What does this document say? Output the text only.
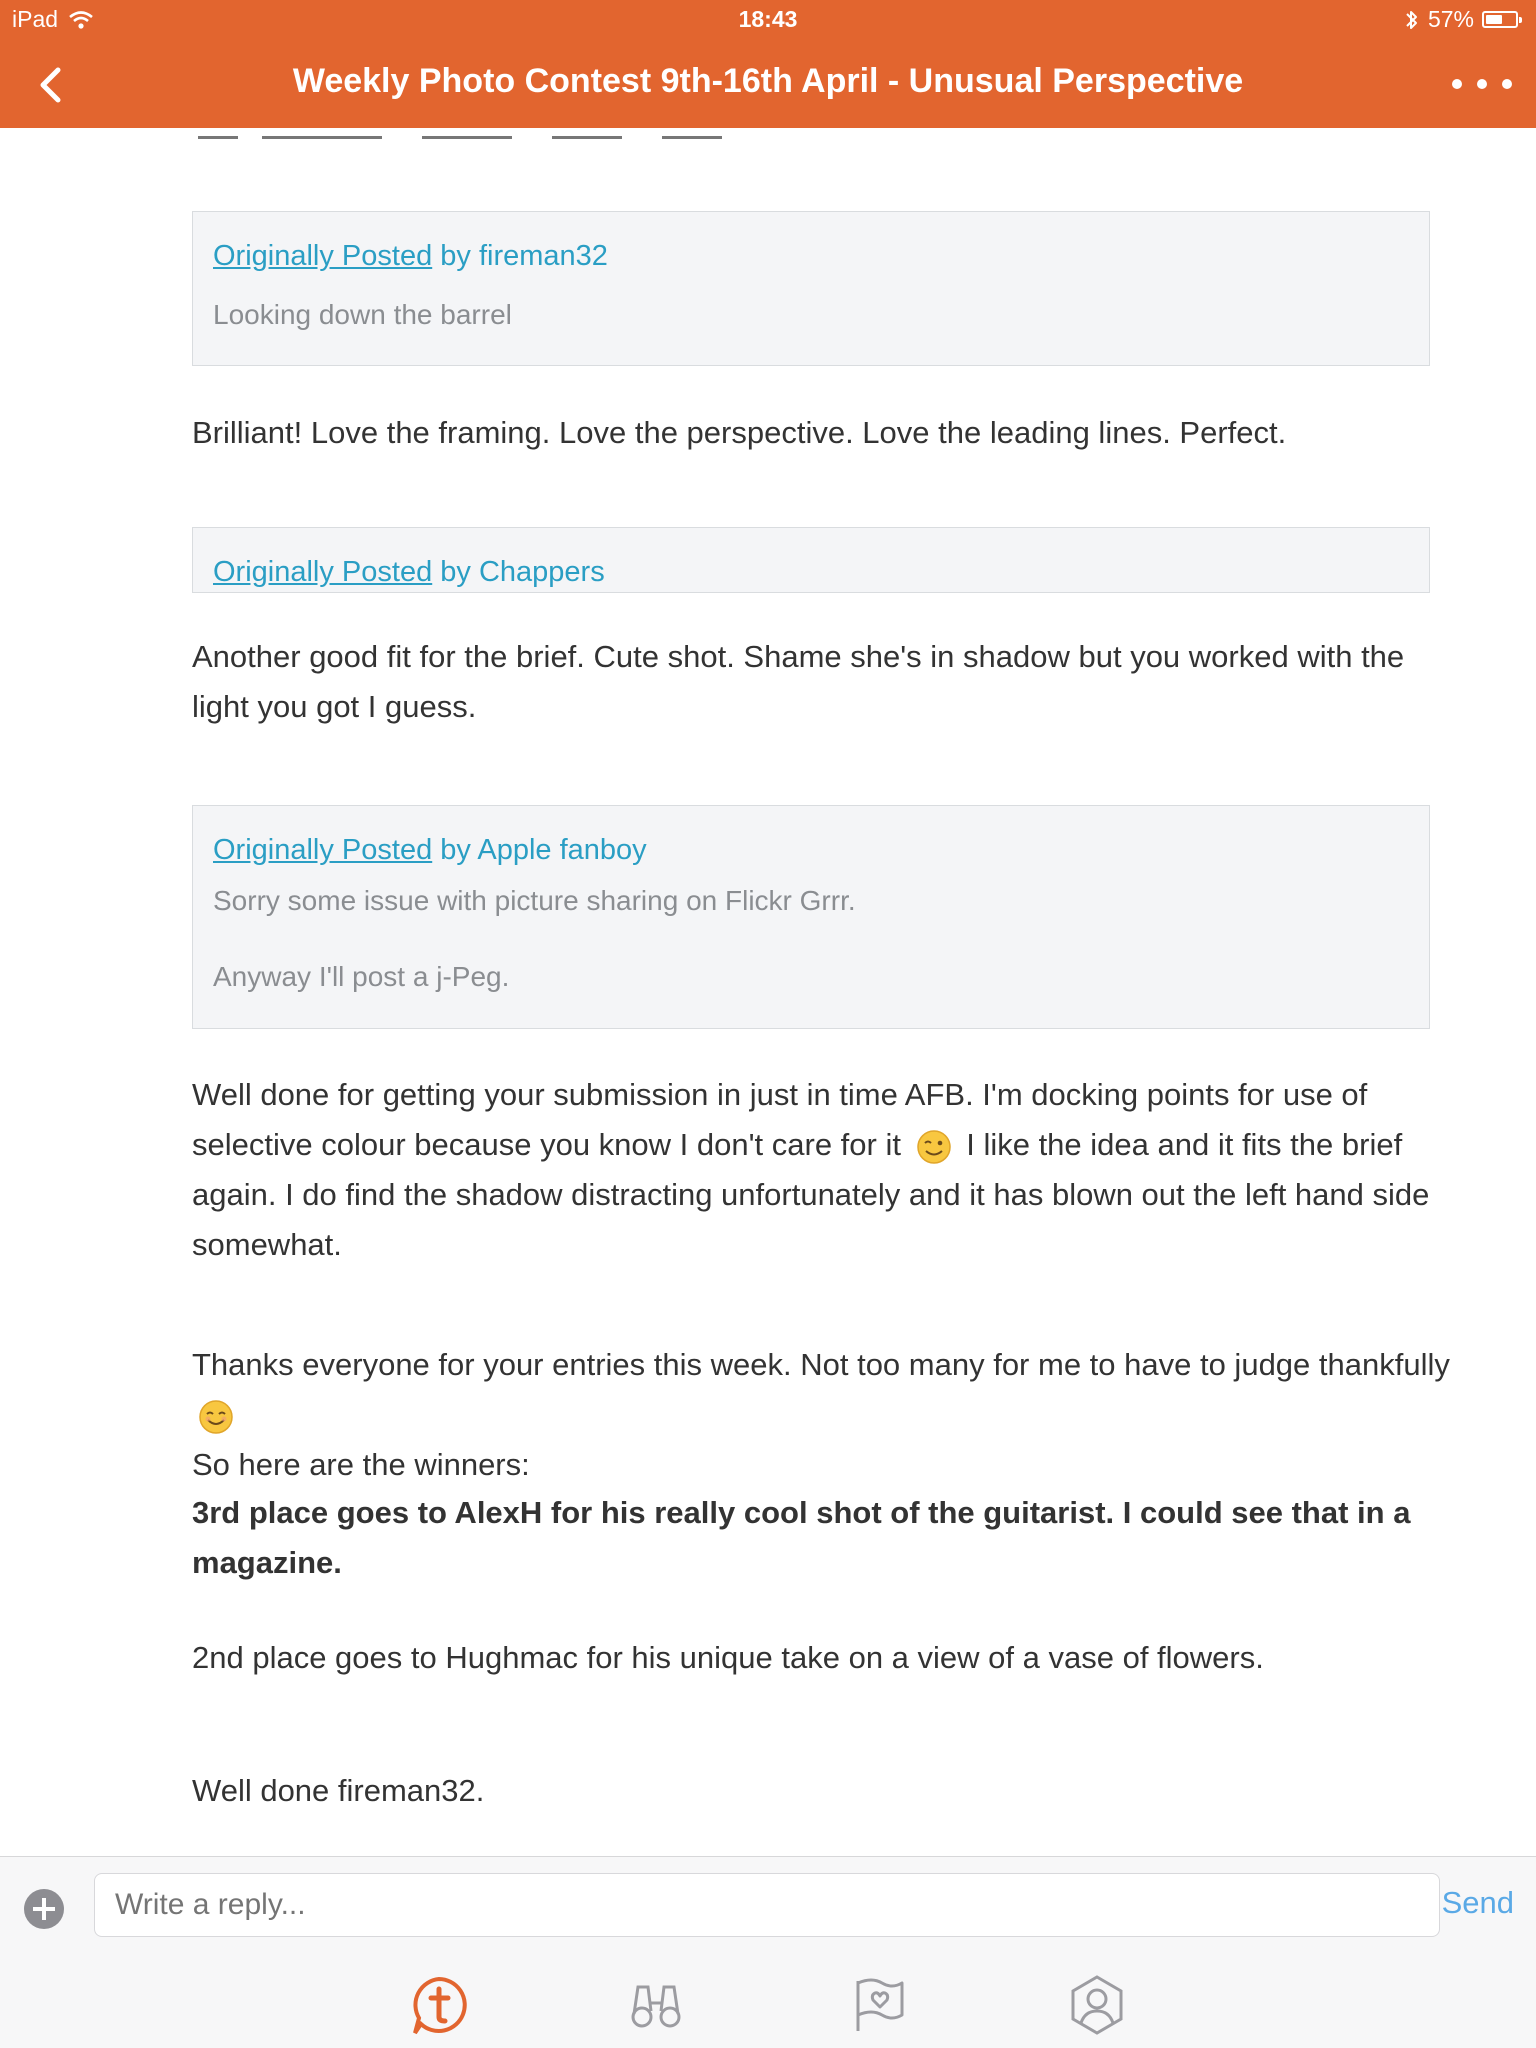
iPad	18:43	57%
Weekly Photo Contest 9th-16th April - Unusual Perspective
Originally Posted by fireman32
Looking down the barrel
Brilliant! Love the framing. Love the perspective. Love the leading lines. Perfect.
Originally Posted by Chappers
Another good fit for the brief. Cute shot. Shame she's in shadow but you worked with the light you got I guess.
Originally Posted by Apple fanboy
Sorry some issue with picture sharing on Flickr Grrr.
Anyway I'll post a j-Peg.
Well done for getting your submission in just in time AFB. I'm docking points for use of selective colour because you know I don't care for it I like the idea and it fits the brief again. I do find the shadow distracting unfortunately and it has blown out the left hand side somewhat.
Thanks everyone for your entries this week. Not too many for me to have to judge thankfully
So here are the winners:
3rd place goes to AlexH for his really cool shot of the guitarist. I could see that in a magazine.
2nd place goes to Hughmac for his unique take on a view of a vase of flowers.
Well done fireman32.
Write a reply...
Send
